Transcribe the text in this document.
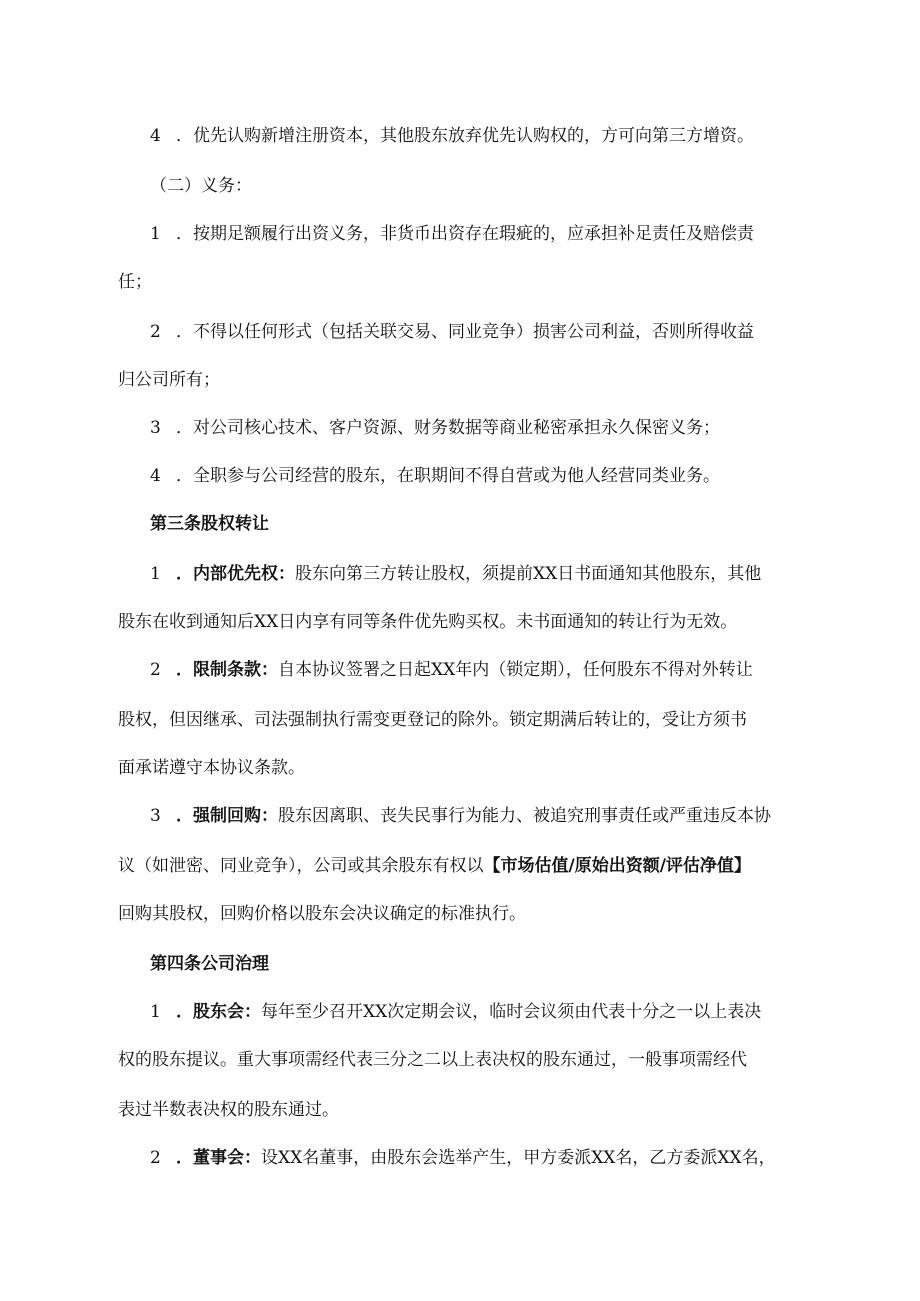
4 ．优先认购新增注册资本，其他股东放弃优先认购权的，方可向第三方增资。
（二）义务：
1 ．按期足额履行出资义务，非货币出资存在瑕疵的，应承担补足责任及赔偿责
任；
2 ．不得以任何形式（包括关联交易、同业竞争）损害公司利益，否则所得收益
归公司所有；
3 ．对公司核心技术、客户资源、财务数据等商业秘密承担永久保密义务；
4 ．全职参与公司经营的股东，在职期间不得自营或为他人经营同类业务。
第三条股权转让
1 ．内部优先权：股东向第三方转让股权，须提前XX日书面通知其他股东，其他
股东在收到通知后XX日内享有同等条件优先购买权。未书面通知的转让行为无效。
2 ．限制条款：自本协议签署之日起XX年内（锁定期），任何股东不得对外转让
股权，但因继承、司法强制执行需变更登记的除外。锁定期满后转让的，受让方须书
面承诺遵守本协议条款。
3 ．强制回购：股东因离职、丧失民事行为能力、被追究刑事责任或严重违反本协
议（如泄密、同业竞争），公司或其余股东有权以【市场估值/原始出资额/评估净值】
回购其股权，回购价格以股东会决议确定的标准执行。
第四条公司治理
1 ．股东会：每年至少召开XX次定期会议，临时会议须由代表十分之一以上表决
权的股东提议。重大事项需经代表三分之二以上表决权的股东通过，一般事项需经代
表过半数表决权的股东通过。
2 ．董事会：设XX名董事，由股东会选举产生，甲方委派XX名，乙方委派XX名，
